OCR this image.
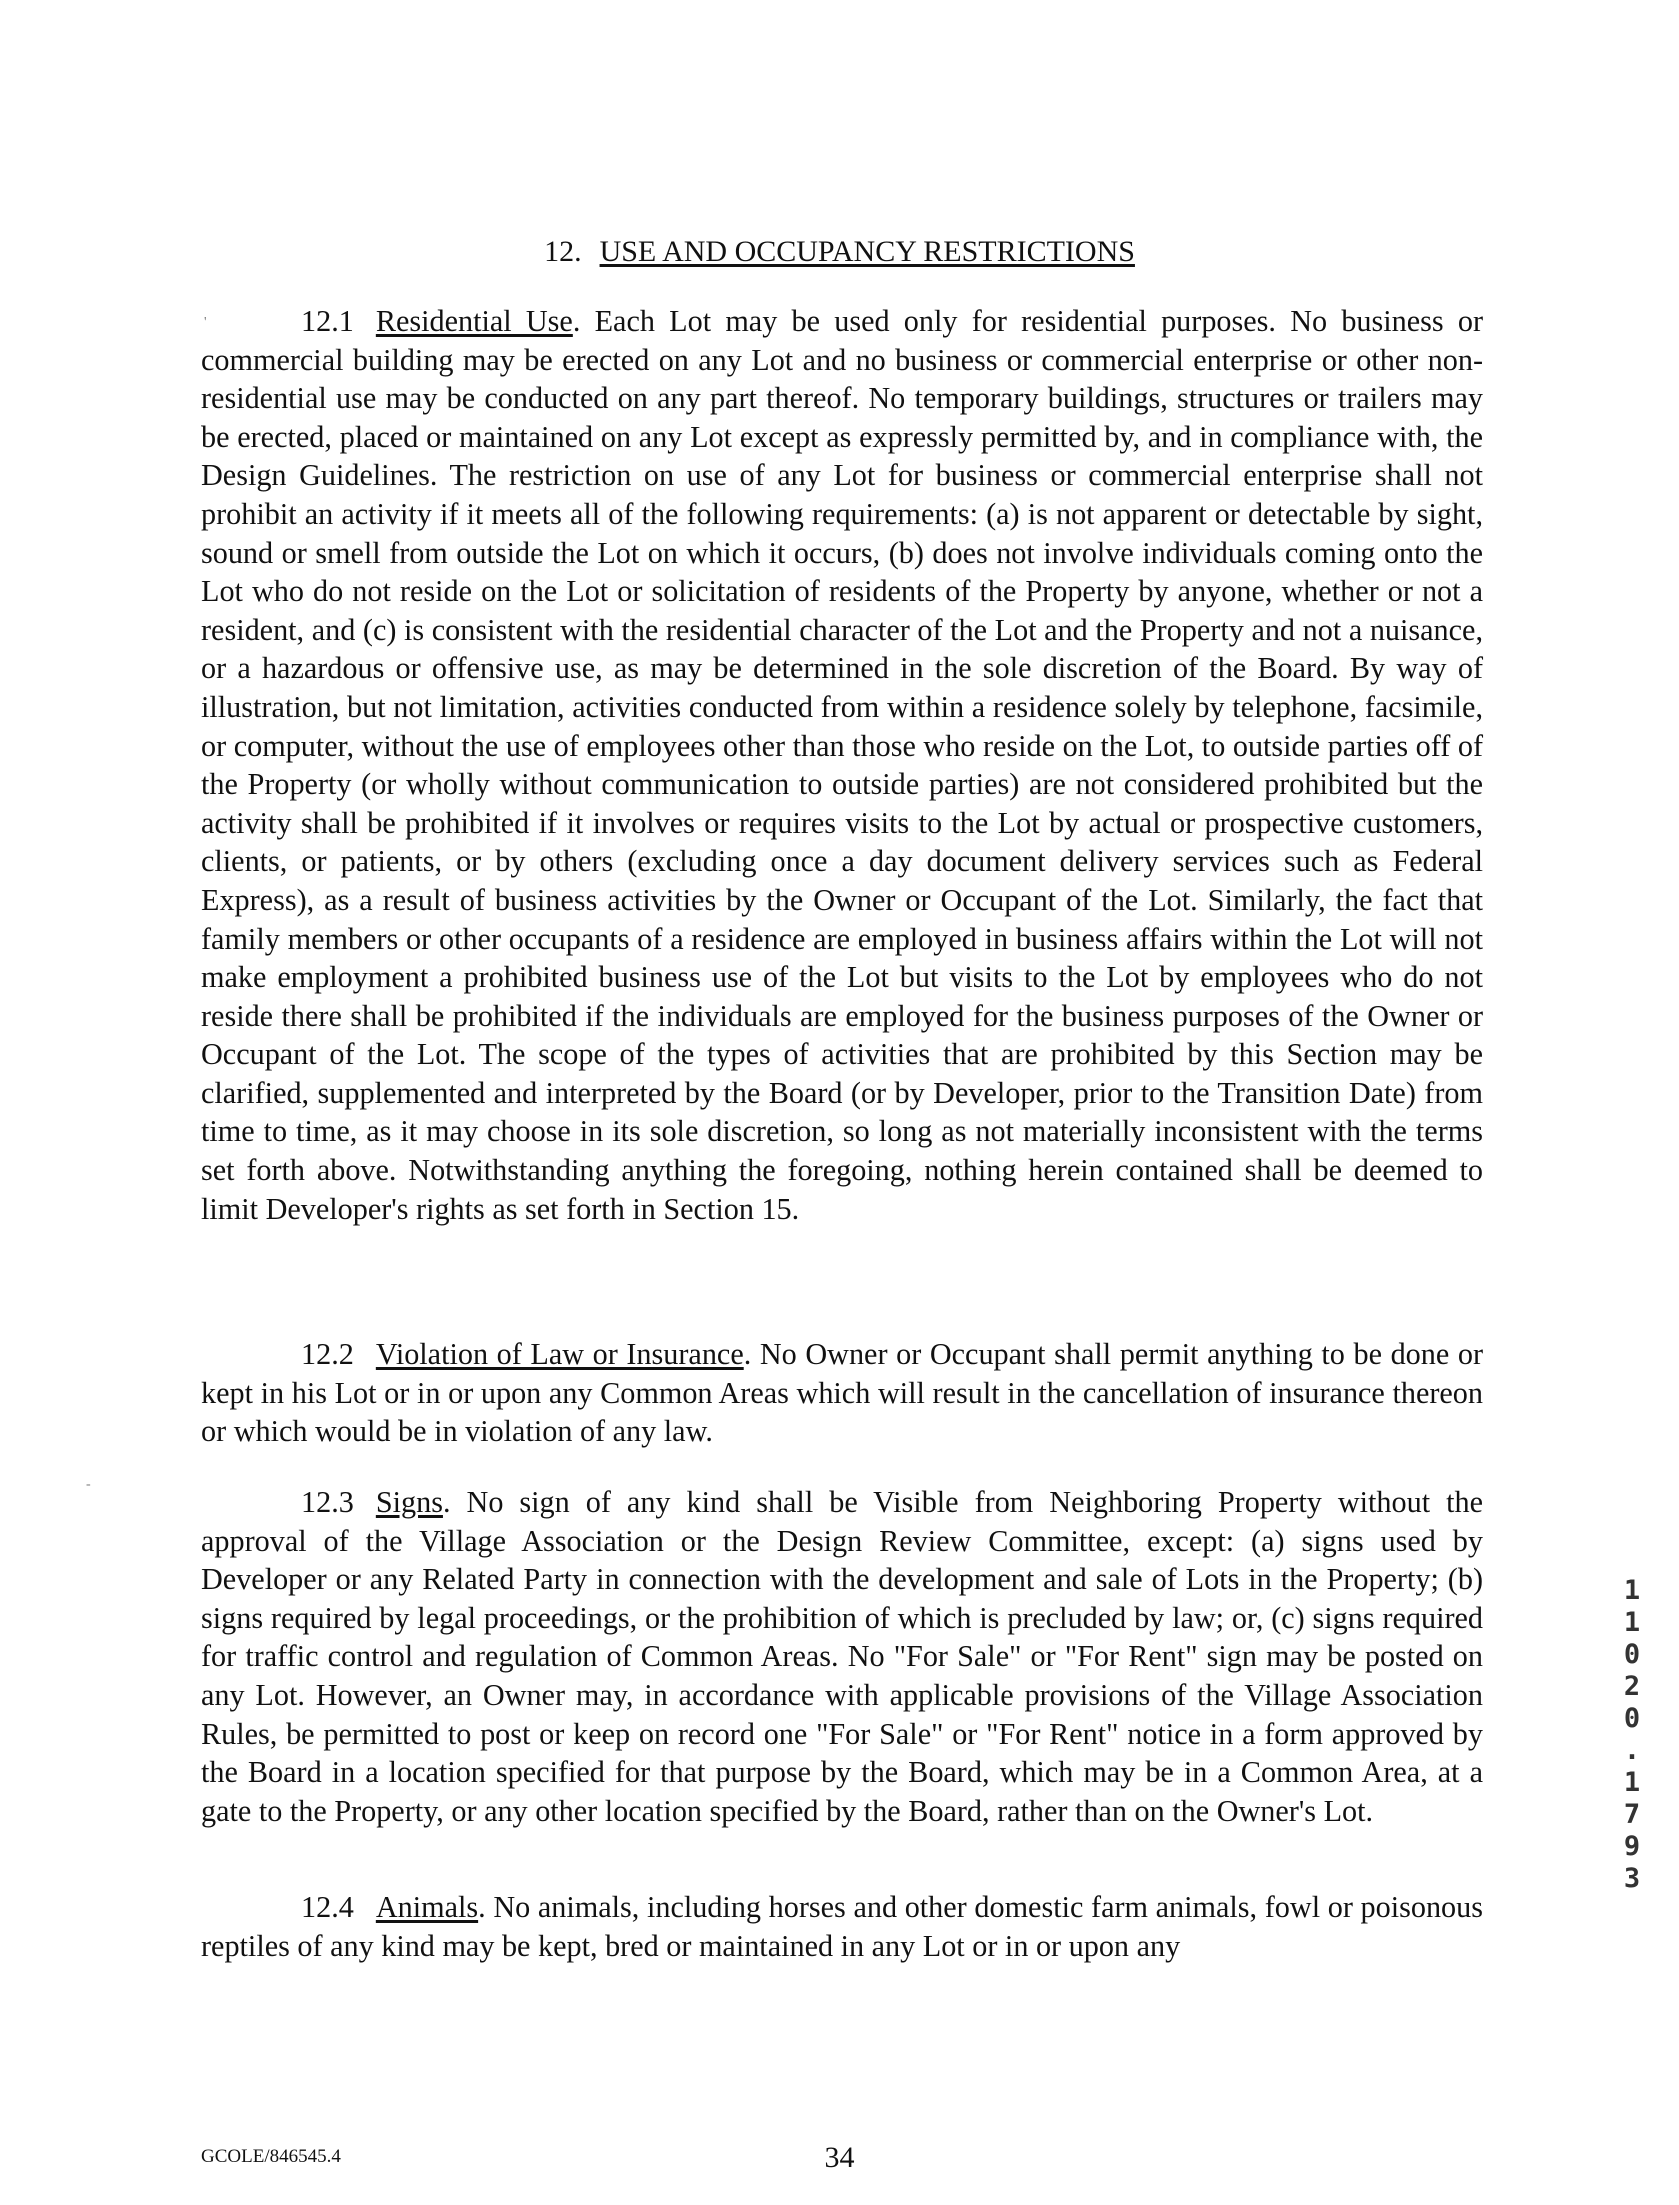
12. USE AND OCCUPANCY RESTRICTIONS
'
-

12.1 Residential Use. Each Lot may be used only for residential purposes. No business or commercial building may be erected on any Lot and no business or commercial enterprise or other non-residential use may be conducted on any part thereof. No temporary buildings, structures or trailers may be erected, placed or maintained on any Lot except as expressly permitted by, and in compliance with, the Design Guidelines. The restriction on use of any Lot for business or commercial enterprise shall not prohibit an activity if it meets all of the following requirements: (a) is not apparent or detectable by sight, sound or smell from outside the Lot on which it occurs, (b) does not involve individuals coming onto the Lot who do not reside on the Lot or solicitation of residents of the Property by anyone, whether or not a resident, and (c) is consistent with the residential character of the Lot and the Property and not a nuisance, or a hazardous or offensive use, as may be determined in the sole discretion of the Board. By way of illustration, but not limitation, activities conducted from within a residence solely by telephone, facsimile, or computer, without the use of employees other than those who reside on the Lot, to outside parties off of the Property (or wholly without communication to outside parties) are not considered prohibited but the activity shall be prohibited if it involves or requires visits to the Lot by actual or prospective customers, clients, or patients, or by others (excluding once a day document delivery services such as Federal Express), as a result of business activities by the Owner or Occupant of the Lot. Similarly, the fact that family members or other occupants of a residence are employed in business affairs within the Lot will not make employment a prohibited business use of the Lot but visits to the Lot by employees who do not reside there shall be prohibited if the individuals are employed for the business purposes of the Owner or Occupant of the Lot. The scope of the types of activities that are prohibited by this Section may be clarified, supplemented and interpreted by the Board (or by Developer, prior to the Transition Date) from time to time, as it may choose in its sole discretion, so long as not materially inconsistent with the terms set forth above. Notwithstanding anything the foregoing, nothing herein contained shall be deemed to limit Developer's rights as set forth in Section 15.

12.2 Violation of Law or Insurance. No Owner or Occupant shall permit anything to be done or kept in his Lot or in or upon any Common Areas which will result in the cancellation of insurance thereon or which would be in violation of any law.

12.3 Signs. No sign of any kind shall be Visible from Neighboring Property without the approval of the Village Association or the Design Review Committee, except: (a) signs used by Developer or any Related Party in connection with the development and sale of Lots in the Property; (b) signs required by legal proceedings, or the prohibition of which is precluded by law; or, (c) signs required for traffic control and regulation of Common Areas. No "For Sale" or "For Rent" sign may be posted on any Lot. However, an Owner may, in accordance with applicable provisions of the Village Association Rules, be permitted to post or keep on record one "For Sale" or "For Rent" notice in a form approved by the Board in a location specified for that purpose by the Board, which may be in a Common Area, at a gate to the Property, or any other location specified by the Board, rather than on the Owner's Lot.

12.4 Animals. No animals, including horses and other domestic farm animals, fowl or poisonous reptiles of any kind may be kept, bred or maintained in any Lot or in or upon any

1
1
0
2
0
.
1
7
9
3
GCOLE/846545.4	34
